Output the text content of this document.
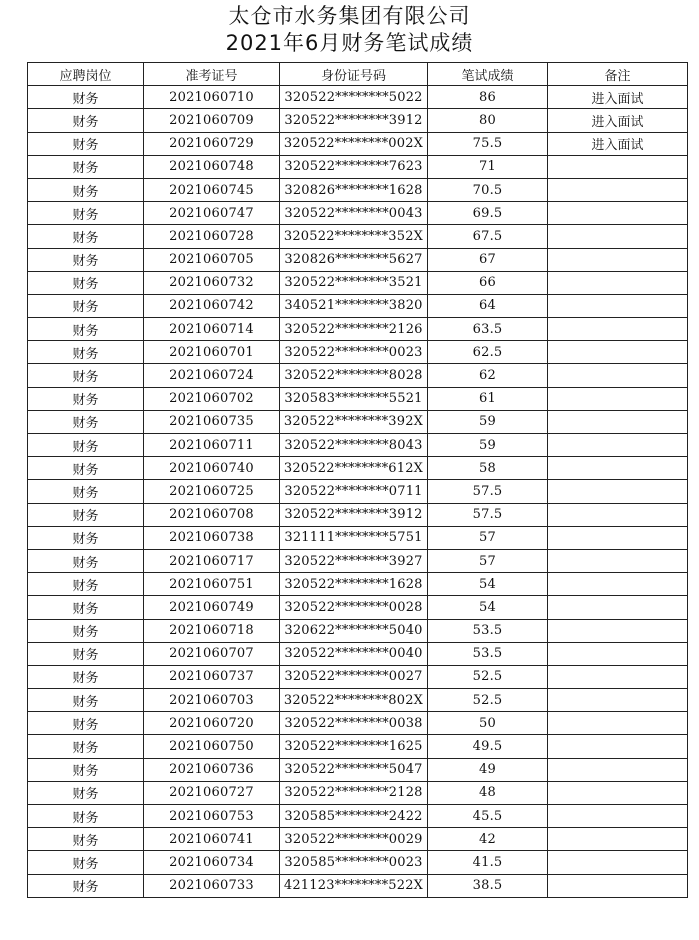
太仓市水务集团有限公司
2021年6月财务笔试成绩
应聘岗位	准考证号	身份证号码	笔试成绩	备注
财务	2021060710	320522********5022	86	进入面试
财务	2021060709	320522********3912	80	进入面试
财务	2021060729	320522********002X	75.5	进入面试
财务	2021060748	320522********7623	71	
财务	2021060745	320826********1628	70.5	
财务	2021060747	320522********0043	69.5	
财务	2021060728	320522********352X	67.5	
财务	2021060705	320826********5627	67	
财务	2021060732	320522********3521	66	
财务	2021060742	340521********3820	64	
财务	2021060714	320522********2126	63.5	
财务	2021060701	320522********0023	62.5	
财务	2021060724	320522********8028	62	
财务	2021060702	320583********5521	61	
财务	2021060735	320522********392X	59	
财务	2021060711	320522********8043	59	
财务	2021060740	320522********612X	58	
财务	2021060725	320522********0711	57.5	
财务	2021060708	320522********3912	57.5	
财务	2021060738	321111********5751	57	
财务	2021060717	320522********3927	57	
财务	2021060751	320522********1628	54	
财务	2021060749	320522********0028	54	
财务	2021060718	320622********5040	53.5	
财务	2021060707	320522********0040	53.5	
财务	2021060737	320522********0027	52.5	
财务	2021060703	320522********802X	52.5	
财务	2021060720	320522********0038	50	
财务	2021060750	320522********1625	49.5	
财务	2021060736	320522********5047	49	
财务	2021060727	320522********2128	48	
财务	2021060753	320585********2422	45.5	
财务	2021060741	320522********0029	42	
财务	2021060734	320585********0023	41.5	
财务	2021060733	421123********522X	38.5	
